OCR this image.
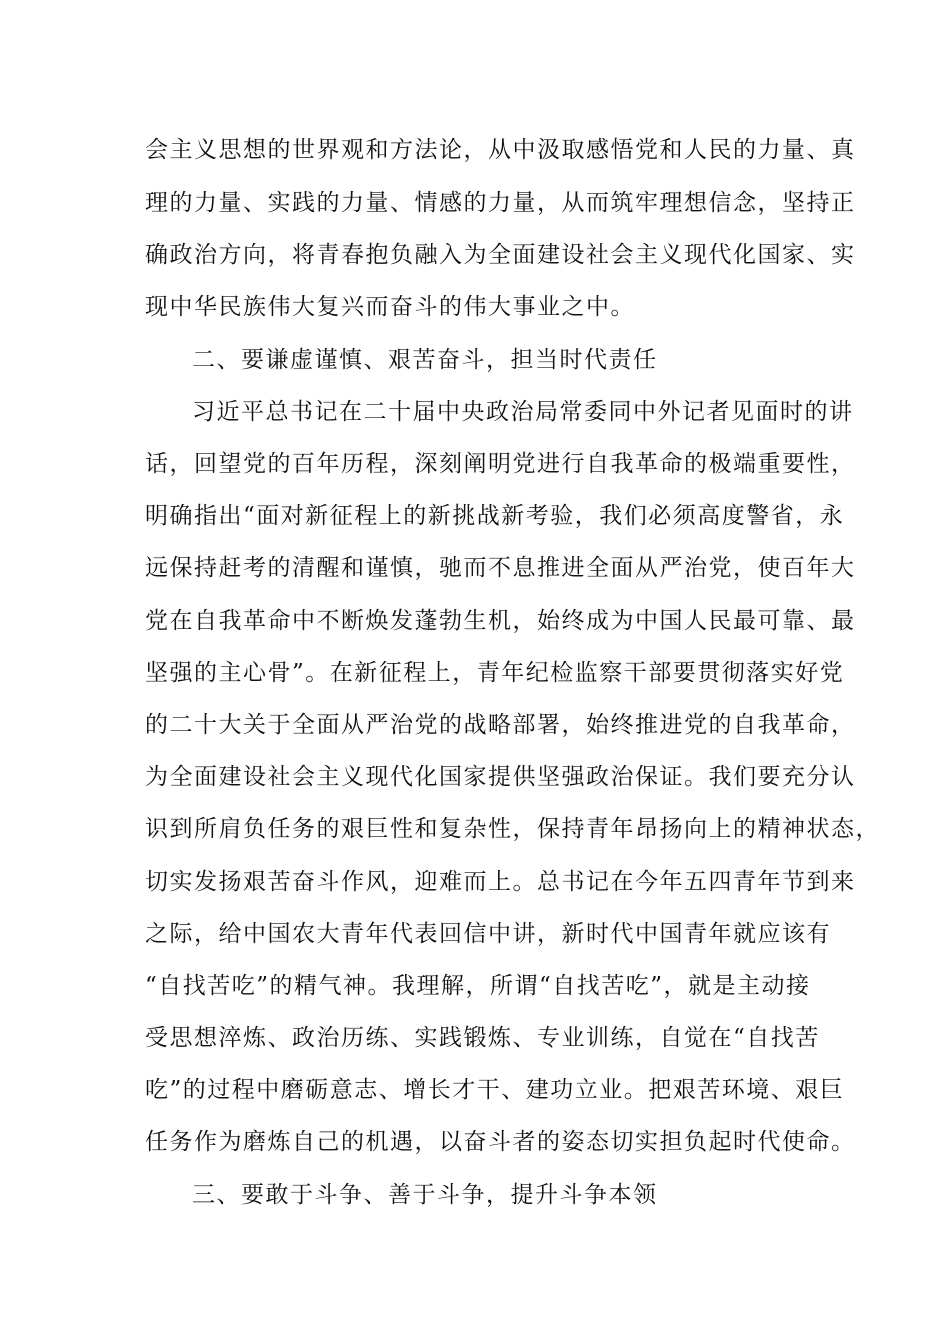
会主义思想的世界观和方法论，从中汲取感悟党和人民的力量、真
理的力量、实践的力量、情感的力量，从而筑牢理想信念，坚持正
确政治方向，将青春抱负融入为全面建设社会主义现代化国家、实
现中华民族伟大复兴而奋斗的伟大事业之中。
二、要谦虚谨慎、艰苦奋斗，担当时代责任
习近平总书记在二十届中央政治局常委同中外记者见面时的讲
话，回望党的百年历程，深刻阐明党进行自我革命的极端重要性，
明确指出“面对新征程上的新挑战新考验，我们必须高度警省，永
远保持赶考的清醒和谨慎，驰而不息推进全面从严治党，使百年大
党在自我革命中不断焕发蓬勃生机，始终成为中国人民最可靠、最
坚强的主心骨”。在新征程上，青年纪检监察干部要贯彻落实好党
的二十大关于全面从严治党的战略部署，始终推进党的自我革命，
为全面建设社会主义现代化国家提供坚强政治保证。我们要充分认
识到所肩负任务的艰巨性和复杂性，保持青年昂扬向上的精神状态，
切实发扬艰苦奋斗作风，迎难而上。总书记在今年五四青年节到来
之际，给中国农大青年代表回信中讲，新时代中国青年就应该有
“自找苦吃”的精气神。我理解，所谓“自找苦吃”，就是主动接
受思想淬炼、政治历练、实践锻炼、专业训练，自觉在“自找苦
吃”的过程中磨砺意志、增长才干、建功立业。把艰苦环境、艰巨
任务作为磨炼自己的机遇，以奋斗者的姿态切实担负起时代使命。
三、要敢于斗争、善于斗争，提升斗争本领
